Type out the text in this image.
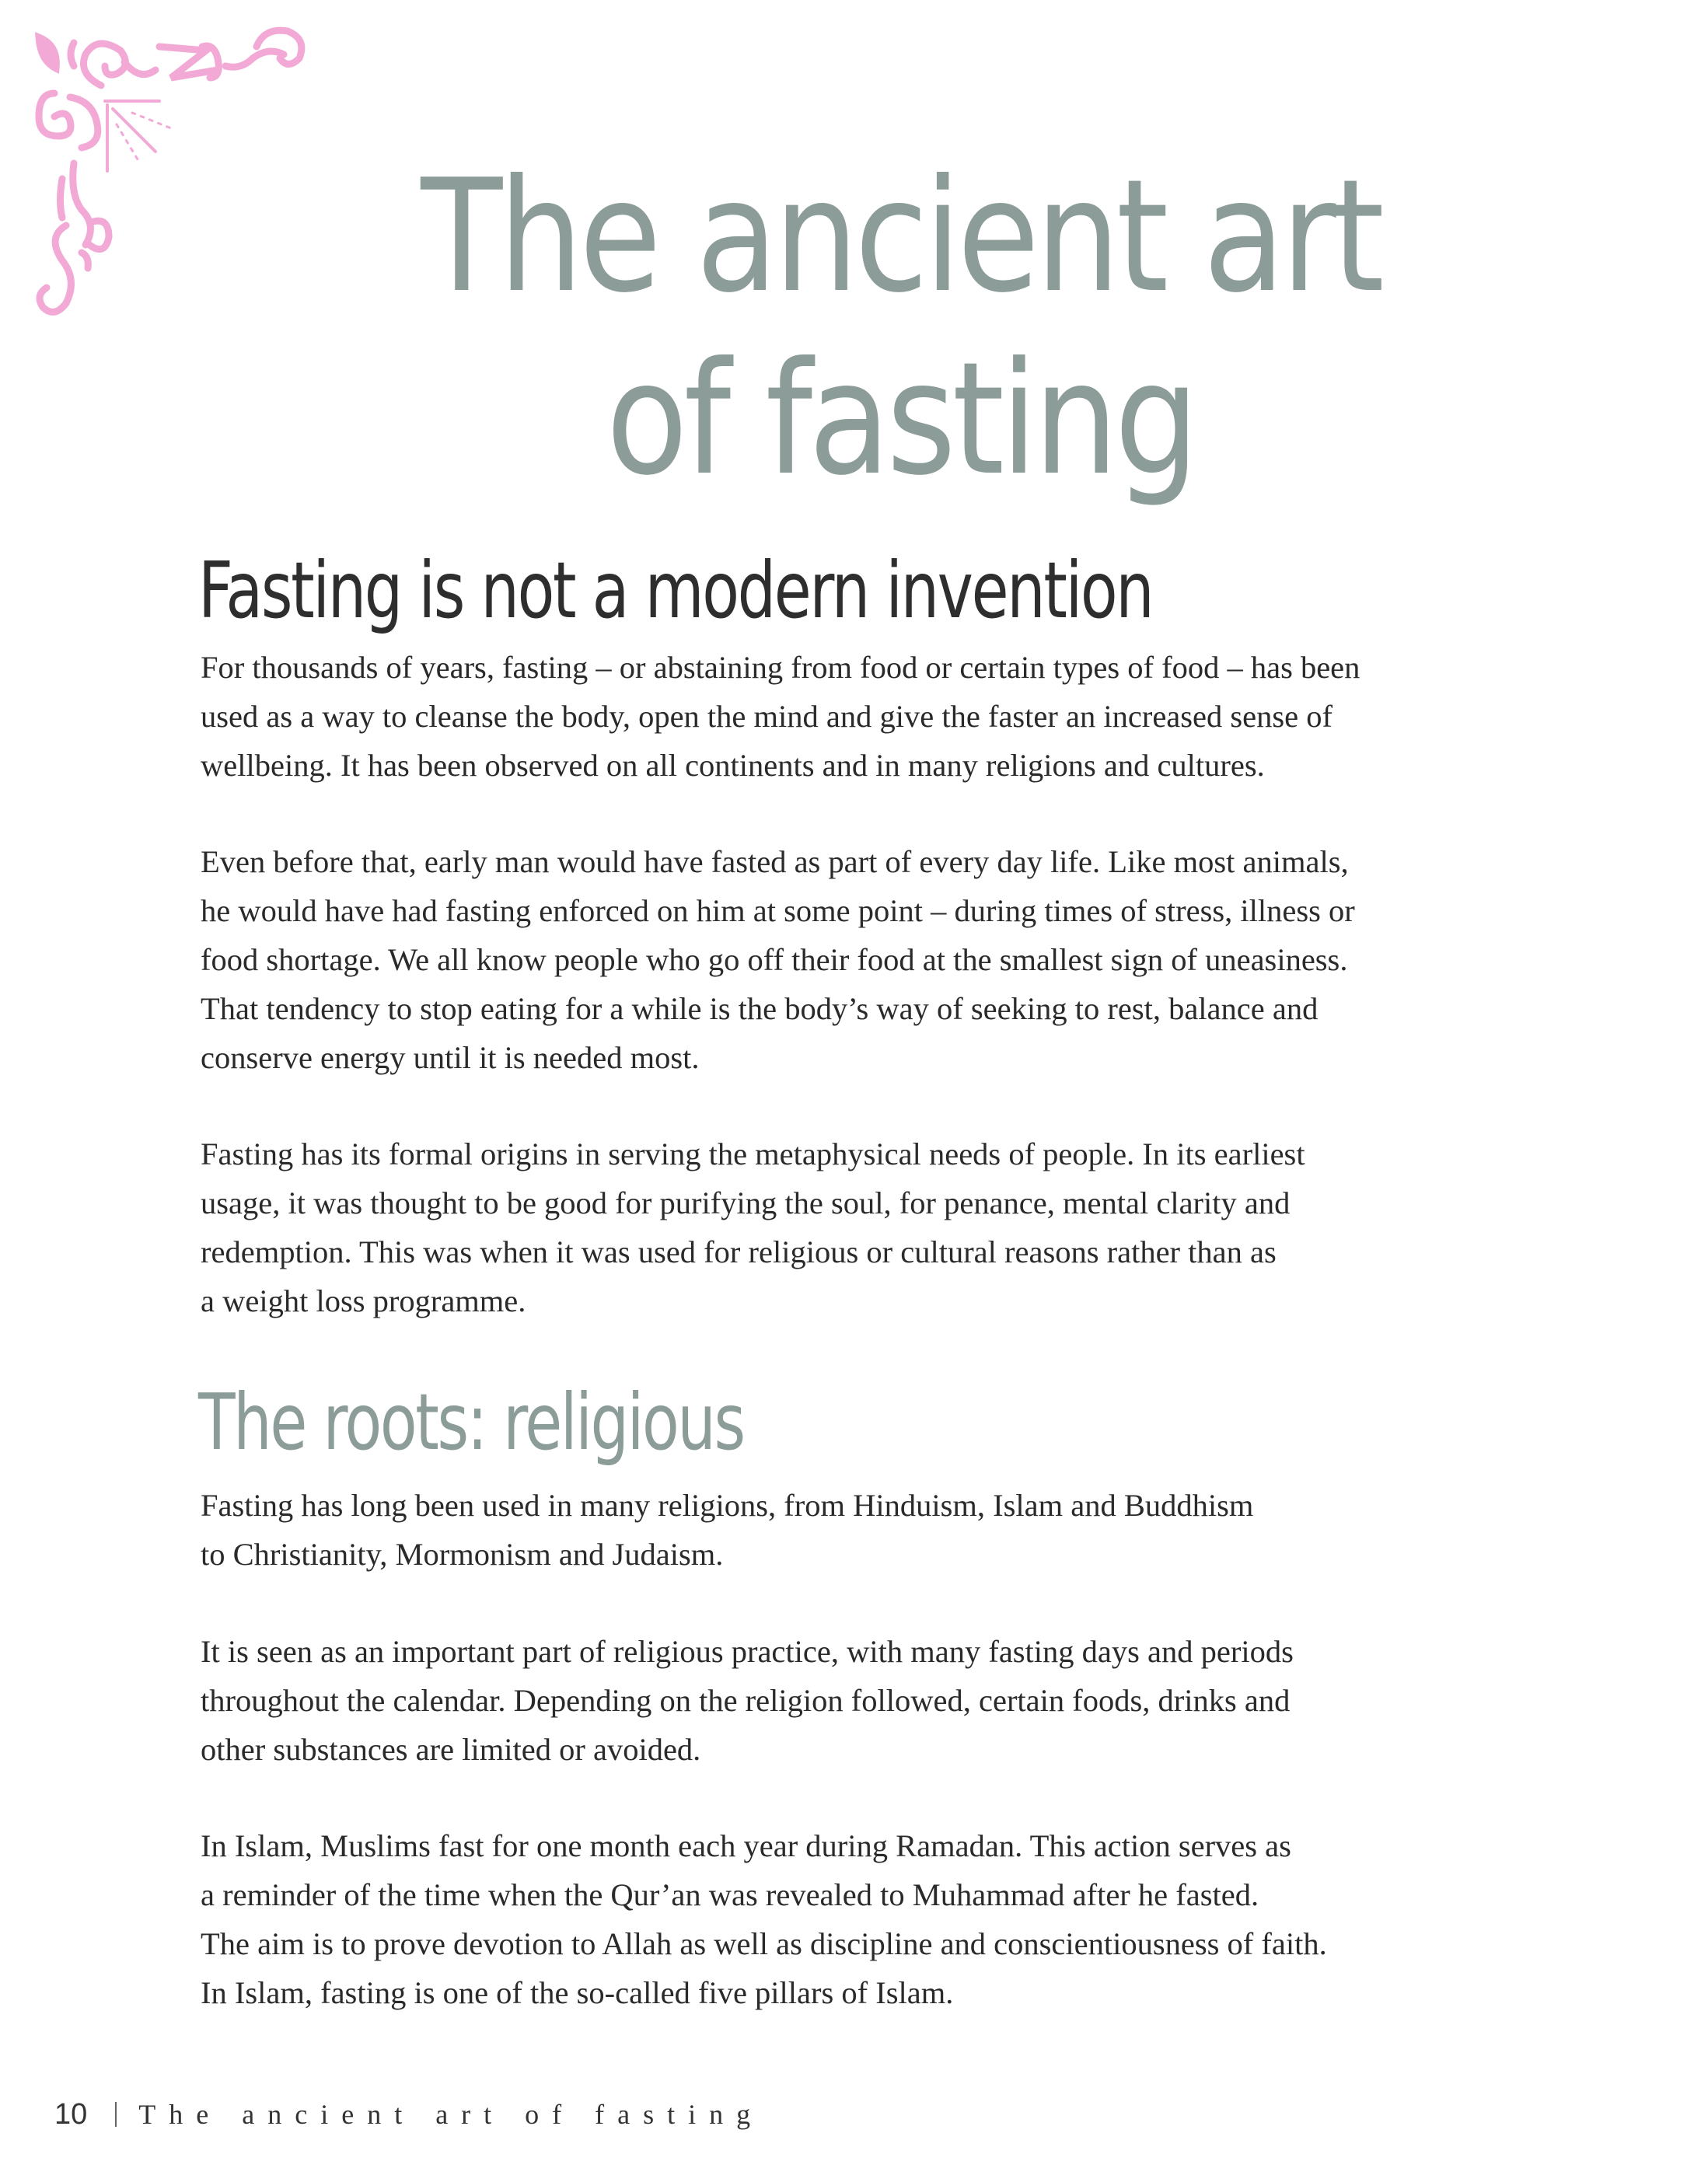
The ancient art
of fasting
Fasting is not a modern invention

For thousands of years, fasting – or abstaining from food or certain types of food – has been
used as a way to cleanse the body, open the mind and give the faster an increased sense of
wellbeing. It has been observed on all continents and in many religions and cultures.

Even before that, early man would have fasted as part of every day life. Like most animals,
he would have had fasting enforced on him at some point – during times of stress, illness or
food shortage. We all know people who go off their food at the smallest sign of uneasiness.
That tendency to stop eating for a while is the body’s way of seeking to rest, balance and
conserve energy until it is needed most.

Fasting has its formal origins in serving the metaphysical needs of people. In its earliest
usage, it was thought to be good for purifying the soul, for penance, mental clarity and
redemption. This was when it was used for religious or cultural reasons rather than as
a weight loss programme.

The roots: religious

Fasting has long been used in many religions, from Hinduism, Islam and Buddhism
to Christianity, Mormonism and Judaism.

It is seen as an important part of religious practice, with many fasting days and periods
throughout the calendar. Depending on the religion followed, certain foods, drinks and
other substances are limited or avoided.

In Islam, Muslims fast for one month each year during Ramadan. This action serves as
a reminder of the time when the Qur’an was revealed to Muhammad after he fasted.
The aim is to prove devotion to Allah as well as discipline and conscientiousness of faith.
In Islam, fasting is one of the so-called five pillars of Islam.

10 The ancient art of fasting
